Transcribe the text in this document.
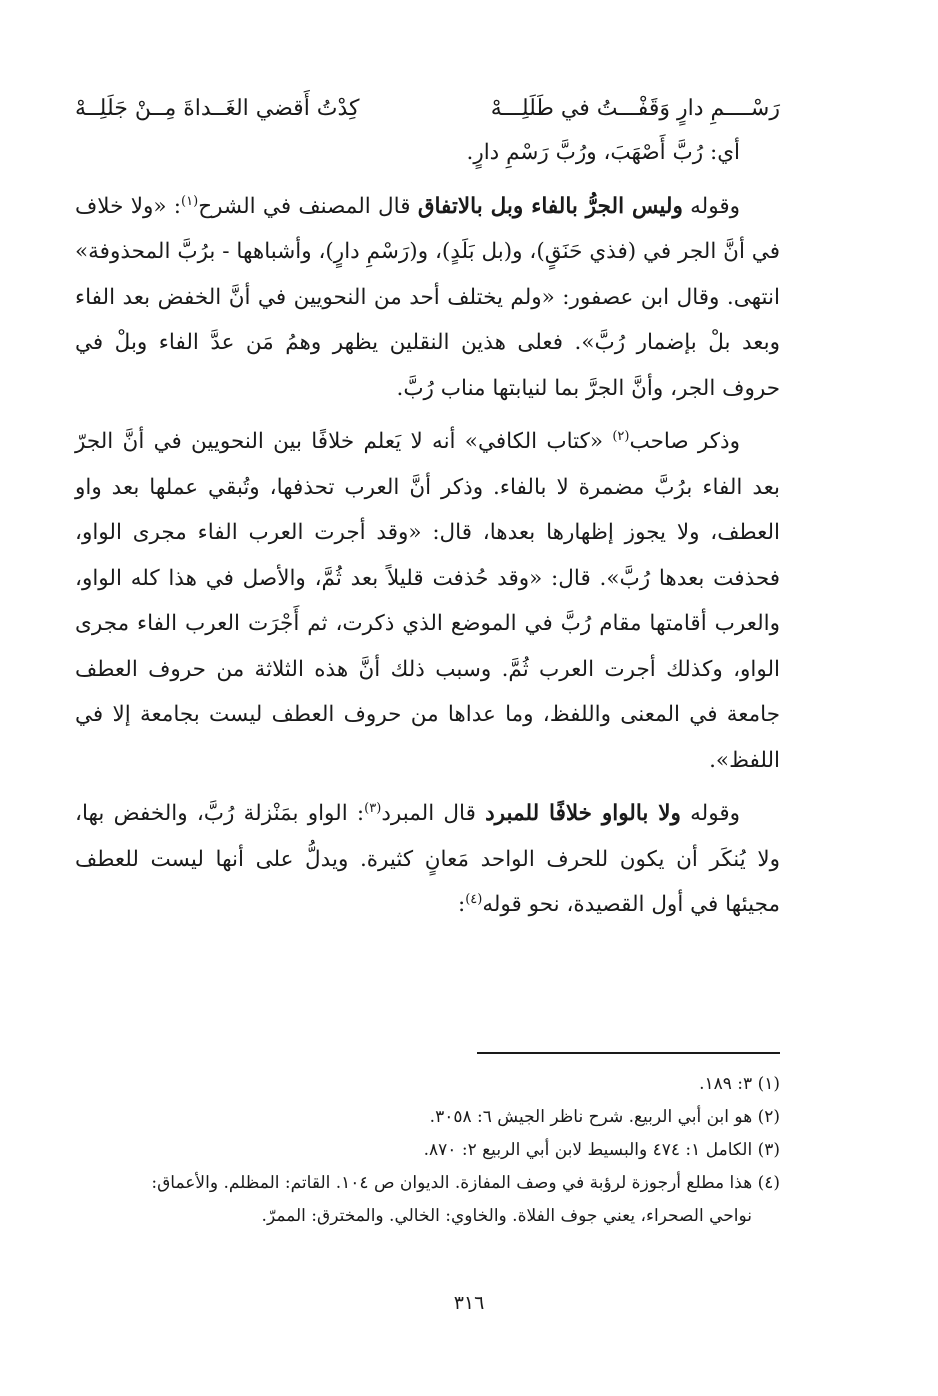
رَسْــــمِ دارٍ وَقَفْـــتُ في طَلَلِـــهْ
كِدْتُ أَقضي الغَــداةَ مِــنْ جَلَلِــهْ

أي: رُبَّ أَصْهَبَ، ورُبَّ رَسْمِ دارٍ.

وقوله وليس الجرُّ بالفاء وبل بالاتفاق قال المصنف في الشرح$^{(١)}$: «ولا خلاف في أنَّ الجر في (فذي حَنَقٍ)، و(بل بَلَدٍ)، و(رَسْمِ دارٍ)، وأشباهها - برُبَّ المحذوفة» انتهى. وقال ابن عصفور: «ولم يختلف أحد من النحويين في أنَّ الخفض بعد الفاء وبعد بلْ بإضمار رُبَّ». فعلى هذين النقلين يظهر وهمُ مَن عدَّ الفاء وبلْ في حروف الجر، وأنَّ الجرَّ بما لنيابتها مناب رُبَّ.

وذكر صاحب$^{(٢)}$ «كتاب الكافي» أنه لا يَعلم خلافًا بين النحويين في أنَّ الجرّ بعد الفاء برُبَّ مضمرة لا بالفاء. وذكر أنَّ العرب تحذفها، وتُبقي عملها بعد واو العطف، ولا يجوز إظهارها بعدها، قال: «وقد أجرت العرب الفاء مجرى الواو، فحذفت بعدها رُبَّ». قال: «وقد حُذفت قليلاً بعد ثُمَّ، والأصل في هذا كله الواو، والعرب أقامتها مقام رُبَّ في الموضع الذي ذكرت، ثم أَجْرَت العرب الفاء مجرى الواو، وكذلك أجرت العرب ثُمَّ. وسبب ذلك أنَّ هذه الثلاثة من حروف العطف جامعة في المعنى واللفظ، وما عداها من حروف العطف ليست بجامعة إلا في اللفظ».

وقوله ولا بالواو خلافًا للمبرد قال المبرد$^{(٣)}$: الواو بمَنْزلة رُبَّ، والخفض بها، ولا يُنكَر أن يكون للحرف الواحد مَعانٍ كثيرة. ويدلُّ على أنها ليست للعطف مجيئها في أول القصيدة، نحو قوله$^{(٤)}$:

(١) ٣: ١٨٩.

(٢) هو ابن أبي الربيع. شرح ناظر الجيش ٦: ٣٠٥٨.

(٣) الكامل ١: ٤٧٤ والبسيط لابن أبي الربيع ٢: ٨٧٠.

(٤) هذا مطلع أرجوزة لرؤبة في وصف المفازة. الديوان ص ١٠٤. القاتم: المظلم. والأعماق:
نواحي الصحراء، يعني جوف الفلاة. والخاوي: الخالي. والمخترق: الممرّ.

٣١٦
